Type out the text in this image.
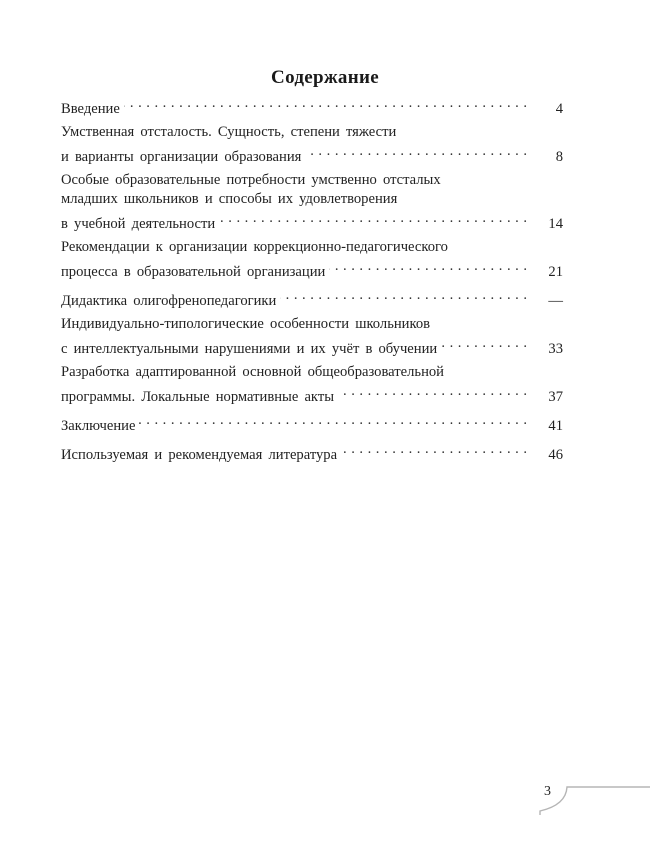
Содержание
Введение . . .	4
Умственная отсталость. Сущность, степени тяжести
и варианты организации образования . . .	8
Особые образовательные потребности умственно отсталых
младших школьников и способы их удовлетворения
в учебной деятельности . . .	14
Рекомендации к организации коррекционно-педагогического
процесса в образовательной организации . . .	21
Дидактика олигофренопедагогики . . .	—
Индивидуально-типологические особенности школьников
с интеллектуальными нарушениями и их учёт в обучении . . .	33
Разработка адаптированной основной общеобразовательной
программы. Локальные нормативные акты . . .	37
Заключение . . .	41
Используемая и рекомендуемая литература . . .	46
3
